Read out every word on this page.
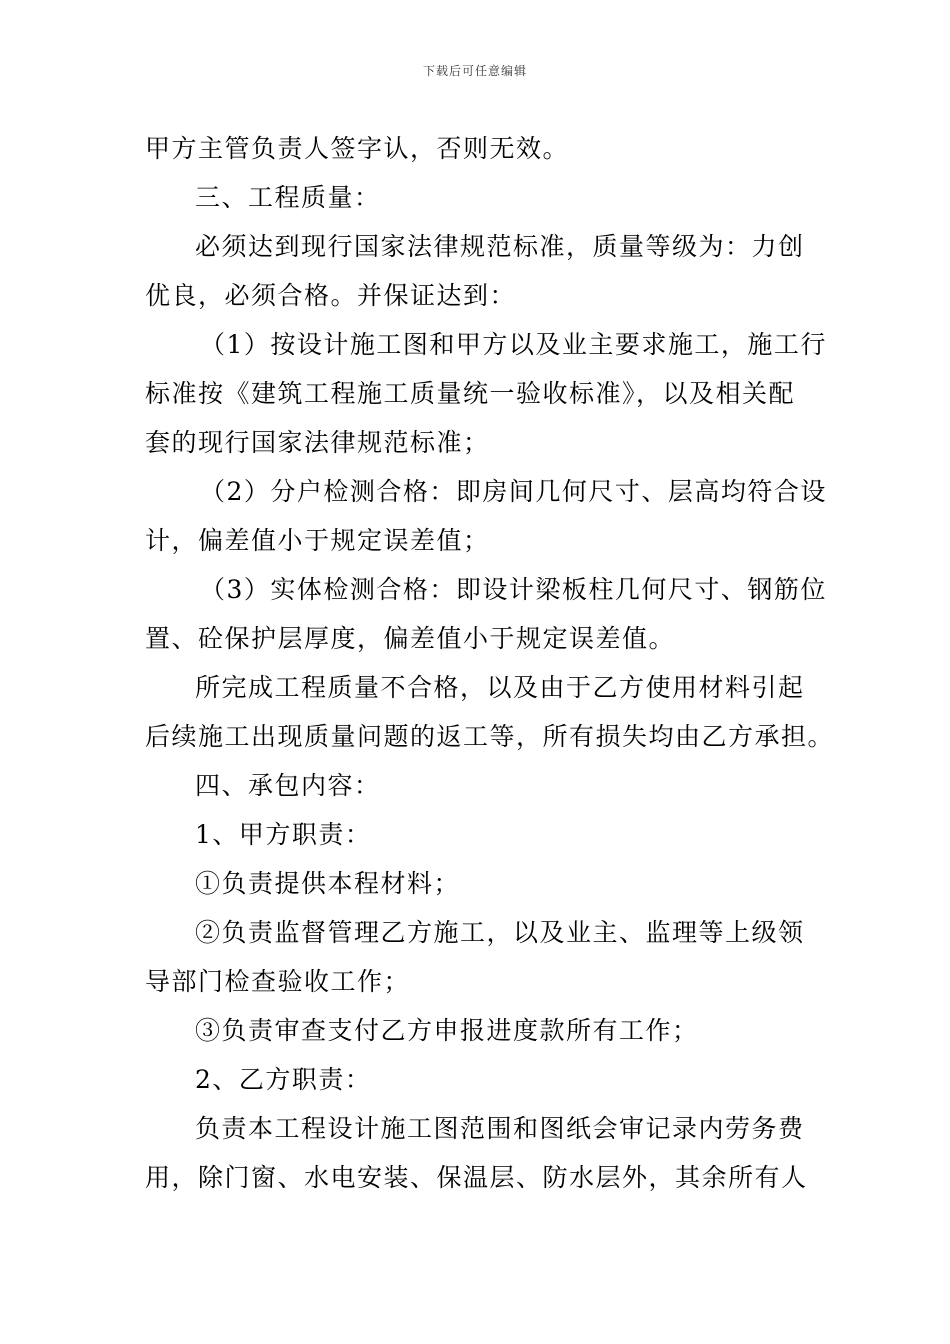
下载后可任意编辑
甲方主管负责人签字认，否则无效。
三、工程质量：
必须达到现行国家法律规范标准，质量等级为：力创
优良，必须合格。并保证达到：
（1）按设计施工图和甲方以及业主要求施工，施工行
标准按《建筑工程施工质量统一验收标准》，以及相关配
套的现行国家法律规范标准；
（2）分户检测合格：即房间几何尺寸、层高均符合设
计，偏差值小于规定误差值；
（3）实体检测合格：即设计梁板柱几何尺寸、钢筋位
置、砼保护层厚度，偏差值小于规定误差值。
所完成工程质量不合格，以及由于乙方使用材料引起
后续施工出现质量问题的返工等，所有损失均由乙方承担。
四、承包内容：
1、甲方职责：
①负责提供本程材料；
②负责监督管理乙方施工，以及业主、监理等上级领
导部门检查验收工作；
③负责审查支付乙方申报进度款所有工作；
2、乙方职责：
负责本工程设计施工图范围和图纸会审记录内劳务费
用，除门窗、水电安装、保温层、防水层外，其余所有人
